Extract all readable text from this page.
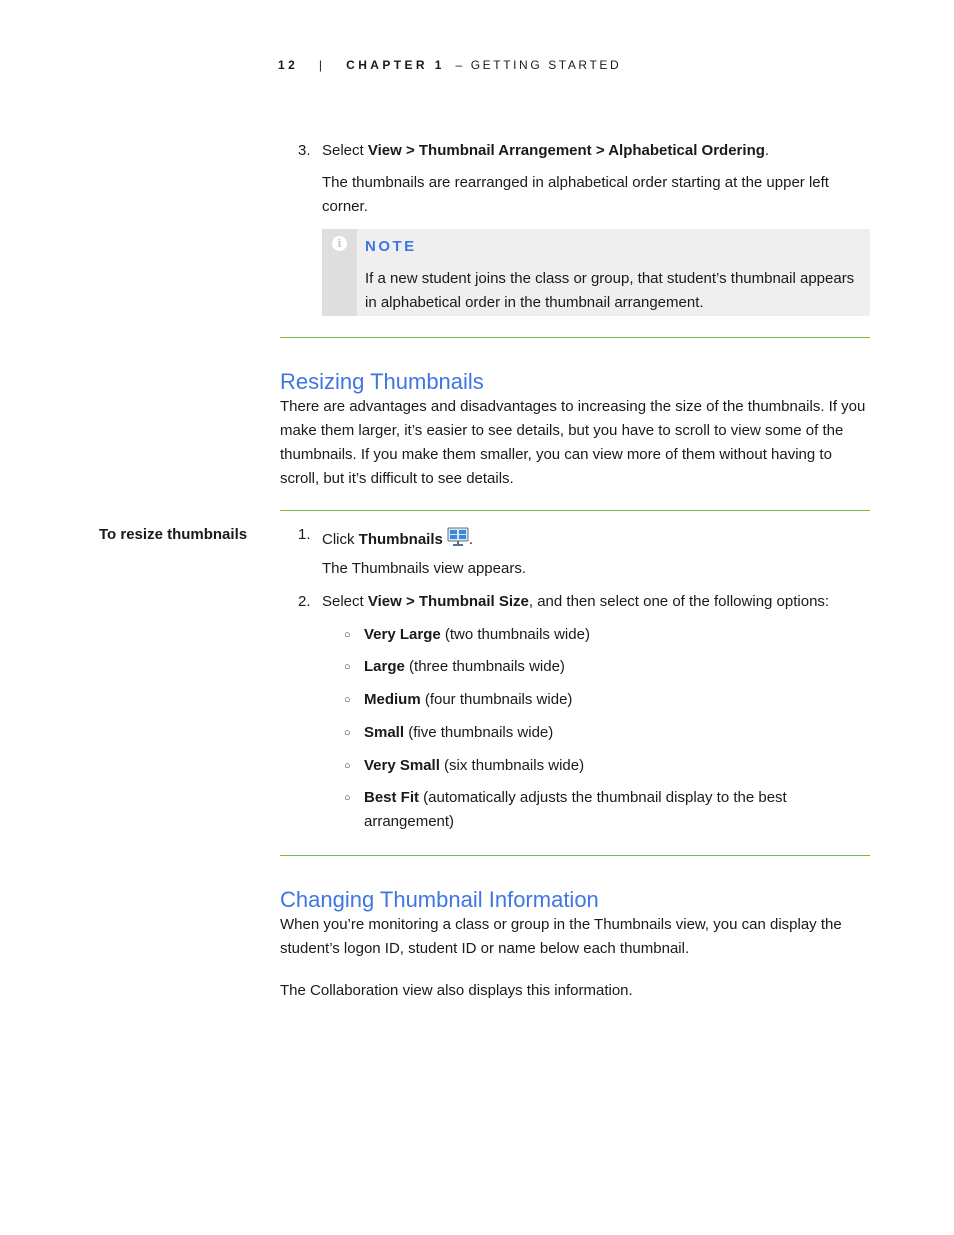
12 | CHAPTER 1 – GETTING STARTED
3. Select View > Thumbnail Arrangement > Alphabetical Ordering.
The thumbnails are rearranged in alphabetical order starting at the upper left corner.
i	NOTE
If a new student joins the class or group, that student’s thumbnail appears in alphabetical order in the thumbnail arrangement.
Resizing Thumbnails
There are advantages and disadvantages to increasing the size of the thumbnails. If you make them larger, it’s easier to see details, but you have to scroll to view some of the thumbnails. If you make them smaller, you can view more of them without having to scroll, but it’s difficult to see details.
To resize thumbnails	1. Click Thumbnails .
The Thumbnails view appears.
2. Select View > Thumbnail Size, and then select one of the following options:
○ Very Large (two thumbnails wide)
○ Large (three thumbnails wide)
○ Medium (four thumbnails wide)
○ Small (five thumbnails wide)
○ Very Small (six thumbnails wide)
○ Best Fit (automatically adjusts the thumbnail display to the best arrangement)
Changing Thumbnail Information
When you’re monitoring a class or group in the Thumbnails view, you can display the student’s logon ID, student ID or name below each thumbnail.
The Collaboration view also displays this information.
